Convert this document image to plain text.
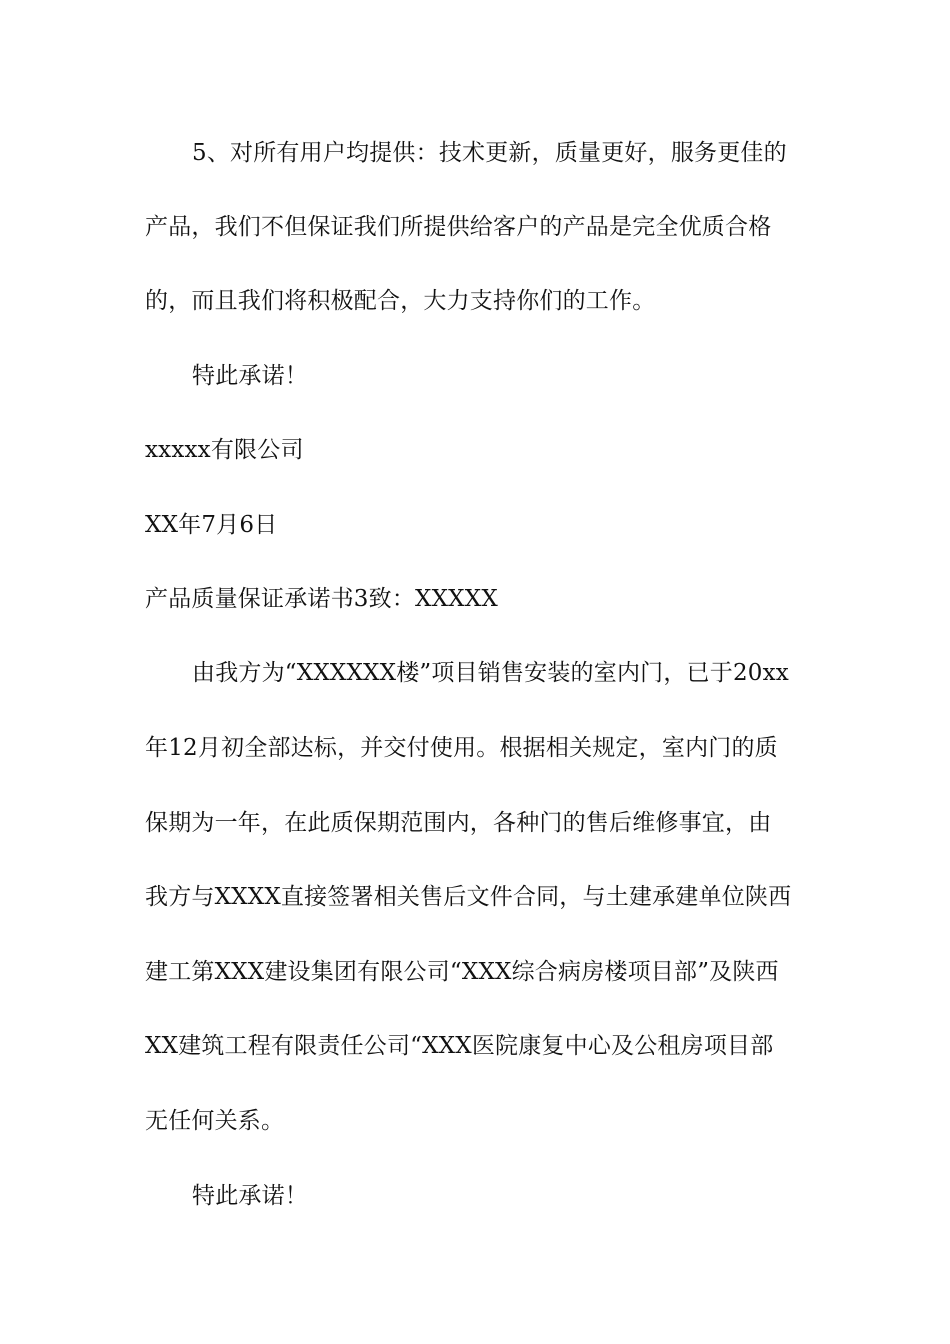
5、对所有用户均提供：技术更新，质量更好，服务更佳的
产品，我们不但保证我们所提供给客户的产品是完全优质合格
的，而且我们将积极配合，大力支持你们的工作。
特此承诺！
xxxxx有限公司
XX年7月6日
产品质量保证承诺书3致：XXXXX
由我方为“XXXXXX楼”项目销售安装的室内门，已于20xx
年12月初全部达标，并交付使用。根据相关规定，室内门的质
保期为一年，在此质保期范围内，各种门的售后维修事宜，由
我方与XXXX直接签署相关售后文件合同，与土建承建单位陕西
建工第XXX建设集团有限公司“XXX综合病房楼项目部”及陕西
XX建筑工程有限责任公司“XXX医院康复中心及公租房项目部
无任何关系。
特此承诺！
